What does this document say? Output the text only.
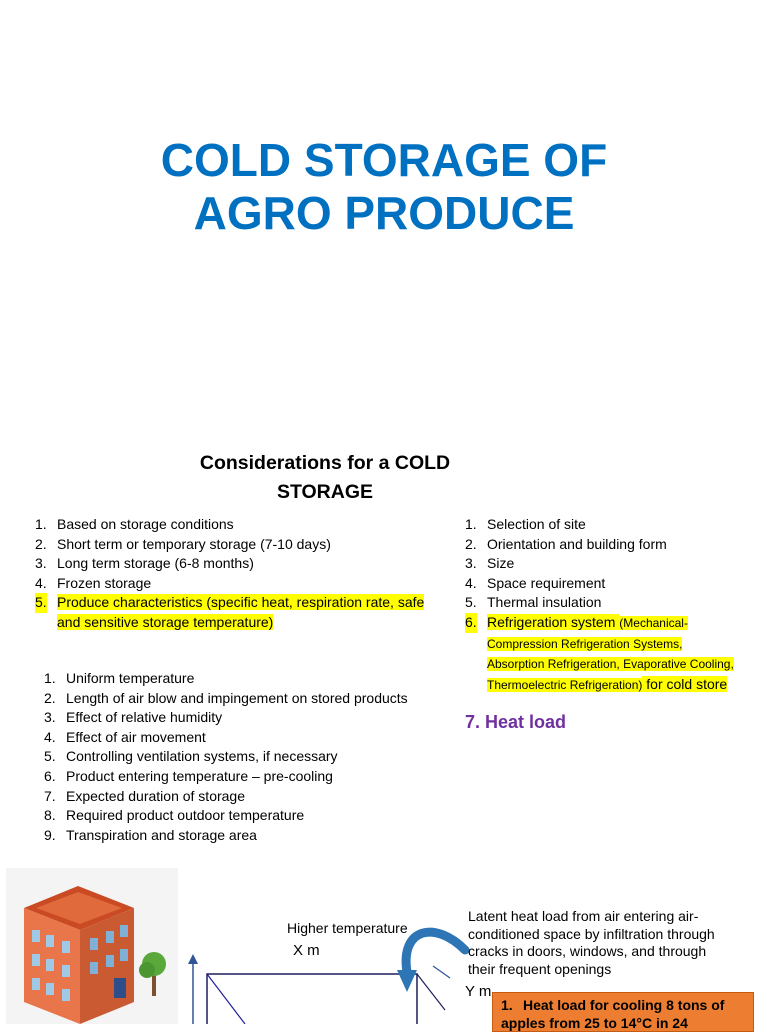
COLD STORAGE OF
AGRO PRODUCE
Considerations for a COLD
STORAGE
1. Based on storage conditions
2. Short term or temporary storage (7-10 days)
3. Long term storage (6-8 months)
4. Frozen storage
5. Produce characteristics (specific heat, respiration rate, safe and sensitive storage temperature)
1. Selection of site
2. Orientation and building form
3. Size
4. Space requirement
5. Thermal insulation
6. Refrigeration system (Mechanical-Compression Refrigeration Systems, Absorption Refrigeration, Evaporative Cooling, Thermoelectric Refrigeration) for cold store
7. Heat load
1. Uniform temperature
2. Length of air blow and impingement on stored products
3. Effect of relative humidity
4. Effect of air movement
5. Controlling ventilation systems, if necessary
6. Product entering temperature – pre-cooling
7. Expected duration of storage
8. Required product outdoor temperature
9. Transpiration and storage area
Higher temperature
X m
Y m
Latent heat load from air entering air-conditioned space by infiltration through cracks in doors, windows, and through their frequent openings
1. Heat load for cooling 8 tons of apples from 25 to 14°C in 24
